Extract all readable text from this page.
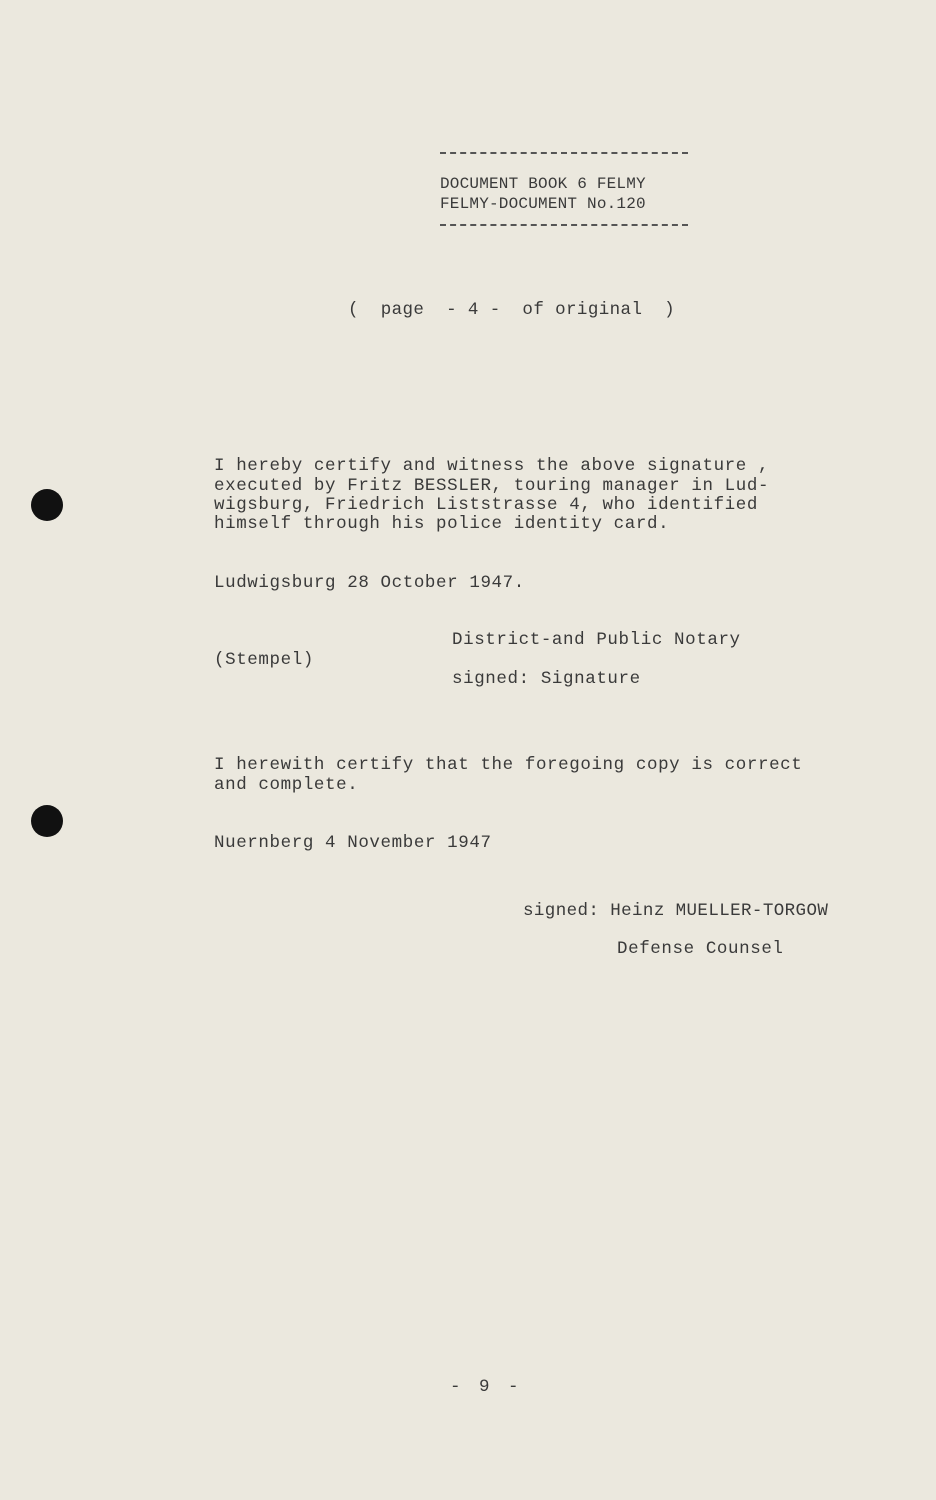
DOCUMENT BOOK 6 FELMY
FELMY-DOCUMENT No.120
(  page  - 4 -  of original  )
I hereby certify and witness the above signature ,
executed by Fritz BESSLER, touring manager in Lud-
wigsburg, Friedrich Liststrasse 4, who identified
himself through his police identity card.
Ludwigsburg 28 October 1947.
District-and Public Notary
(Stempel)
signed: Signature
I herewith certify that the foregoing copy is correct
and complete.
Nuernberg 4 November 1947
signed: Heinz MUELLER-TORGOW
Defense Counsel
- 9 -
